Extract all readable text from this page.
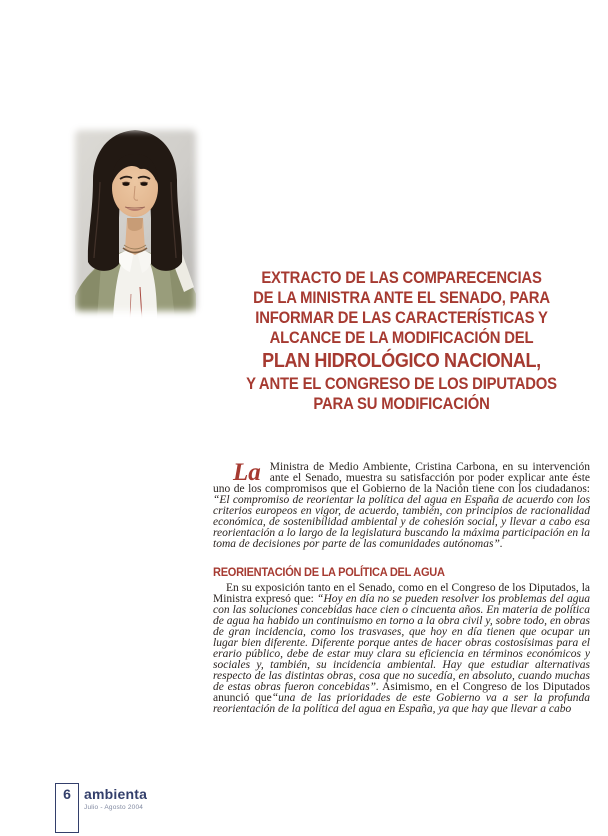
EXTRACTO DE LAS COMPARECENCIAS
DE LA MINISTRA ANTE EL SENADO, PARA
INFORMAR DE LAS CARACTERÍSTICAS Y
ALCANCE DE LA MODIFICACIÓN DEL
PLAN HIDROLÓGICO NACIONAL,
Y ANTE EL CONGRESO DE LOS DIPUTADOS
PARA SU MODIFICACIÓN

La Ministra de Medio Ambiente, Cristina Carbona, en su intervención ante el Senado, muestra su satisfacción por poder explicar ante éste uno de los compromisos que el Gobierno de la Nación tiene con los ciudadanos: “El compromiso de reorientar la política del agua en España de acuerdo con los criterios europeos en vigor, de acuerdo, también, con principios de racionalidad económica, de sostenibilidad ambiental y de cohesión social, y llevar a cabo esa reorientación a lo largo de la legislatura buscando la máxima participación en la toma de decisiones por parte de las comunidades autónomas”.

REORIENTACIÓN DE LA POLÍTICA DEL AGUA

En su exposición tanto en el Senado, como en el Congreso de los Diputados, la Ministra expresó que: “Hoy en día no se pueden resolver los problemas del agua con las soluciones concebidas hace cien o cincuenta años. En materia de política de agua ha habido un continuismo en torno a la obra civil y, sobre todo, en obras de gran incidencia, como los trasvases, que hoy en día tienen que ocupar un lugar bien diferente. Diferente porque antes de hacer obras costosísimas para el erario público, debe de estar muy clara su eficiencia en términos económicos y sociales y, también, su incidencia ambiental. Hay que estudiar alternativas respecto de las distintas obras, cosa que no sucedía, en absoluto, cuando muchas de estas obras fueron concebidas”. Asimismo, en el Congreso de los Diputados anunció que“una de las prioridades de este Gobierno va a ser la profunda reorientación de la política del agua en España, ya que hay que llevar a cabo

6 ambienta
Julio - Agosto 2004
